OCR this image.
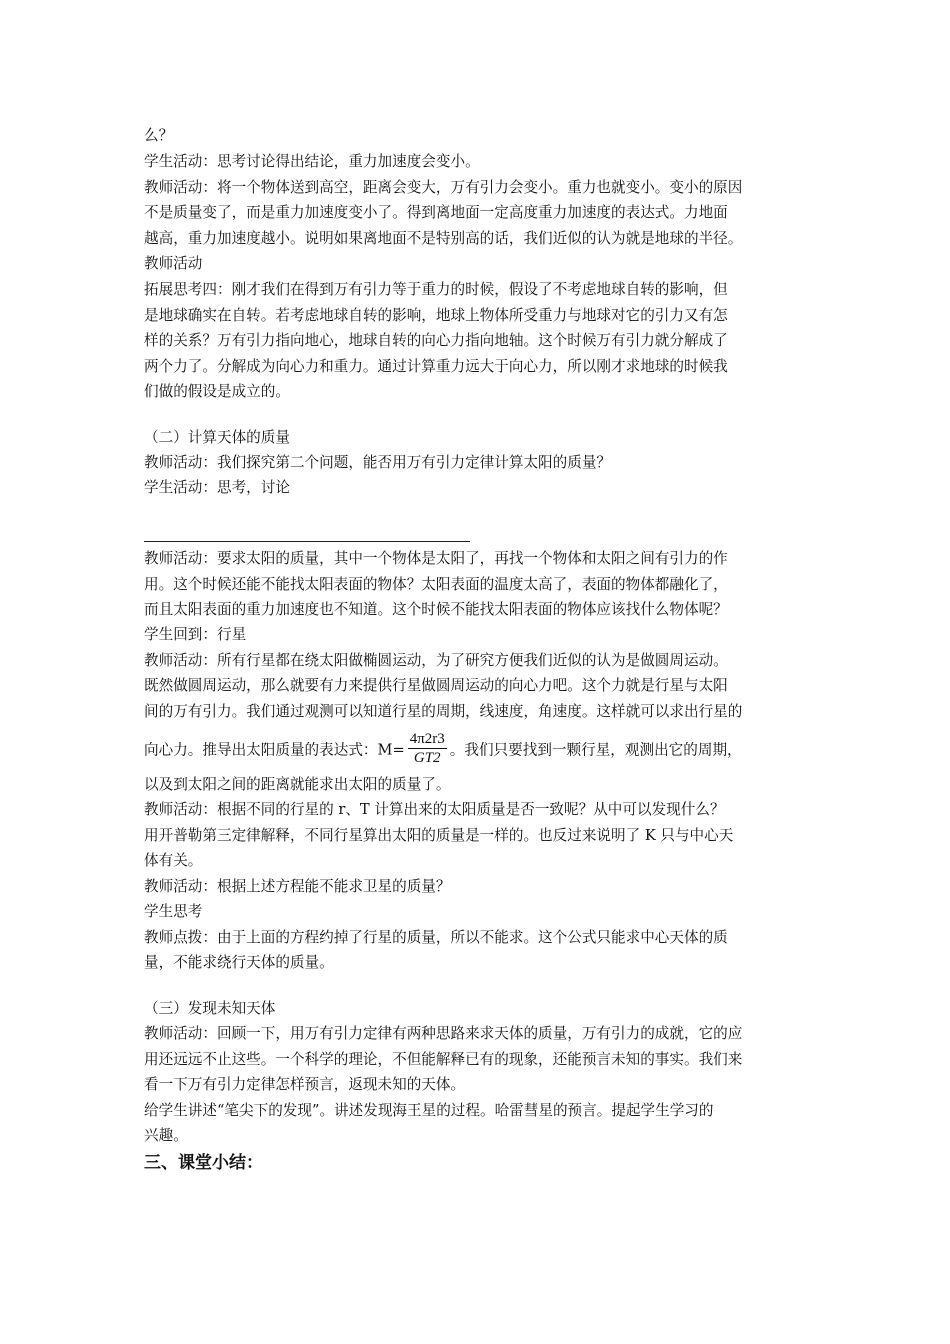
么？
学生活动：思考讨论得出结论，重力加速度会变小。
教师活动：将一个物体送到高空，距离会变大，万有引力会变小。重力也就变小。变小的原因
不是质量变了，而是重力加速度变小了。得到离地面一定高度重力加速度的表达式。力地面
越高，重力加速度越小。说明如果离地面不是特别高的话，我们近似的认为就是地球的半径。
教师活动
拓展思考四：刚才我们在得到万有引力等于重力的时候，假设了不考虑地球自转的影响，但
是地球确实在自转。若考虑地球自转的影响，地球上物体所受重力与地球对它的引力又有怎
样的关系？万有引力指向地心，地球自转的向心力指向地轴。这个时候万有引力就分解成了
两个力了。分解成为向心力和重力。通过计算重力远大于向心力，所以刚才求地球的时候我
们做的假设是成立的。
（二）计算天体的质量
教师活动：我们探究第二个问题，能否用万有引力定律计算太阳的质量？
学生活动：思考，讨论
教师活动：要求太阳的质量，其中一个物体是太阳了，再找一个物体和太阳之间有引力的作
用。这个时候还能不能找太阳表面的物体？太阳表面的温度太高了，表面的物体都融化了，
而且太阳表面的重力加速度也不知道。这个时候不能找太阳表面的物体应该找什么物体呢？
学生回到：行星
教师活动：所有行星都在绕太阳做椭圆运动，为了研究方便我们近似的认为是做圆周运动。
既然做圆周运动，那么就要有力来提供行星做圆周运动的向心力吧。这个力就是行星与太阳
间的万有引力。我们通过观测可以知道行星的周期，线速度，角速度。这样就可以求出行星的
向心力。推导出太阳质量的表达式：$M= \frac{4\pi 2r3}{GT2}$ 。我们只要找到一颗行星，观测出它的周期，
以及到太阳之间的距离就能求出太阳的质量了。
教师活动：根据不同的行星的 r、T 计算出来的太阳质量是否一致呢？从中可以发现什么？
用开普勒第三定律解释，不同行星算出太阳的质量是一样的。也反过来说明了 K 只与中心天
体有关。
教师活动：根据上述方程能不能求卫星的质量？
学生思考
教师点拨：由于上面的方程约掉了行星的质量，所以不能求。这个公式只能求中心天体的质
量，不能求绕行天体的质量。
（三）发现未知天体
教师活动：回顾一下，用万有引力定律有两种思路来求天体的质量，万有引力的成就，它的应
用还远远不止这些。一个科学的理论，不但能解释已有的现象，还能预言未知的事实。我们来
看一下万有引力定律怎样预言，返现未知的天体。
给学生讲述“笔尖下的发现”。讲述发现海王星的过程。哈雷彗星的预言。提起学生学习的
兴趣。
三、课堂小结：
